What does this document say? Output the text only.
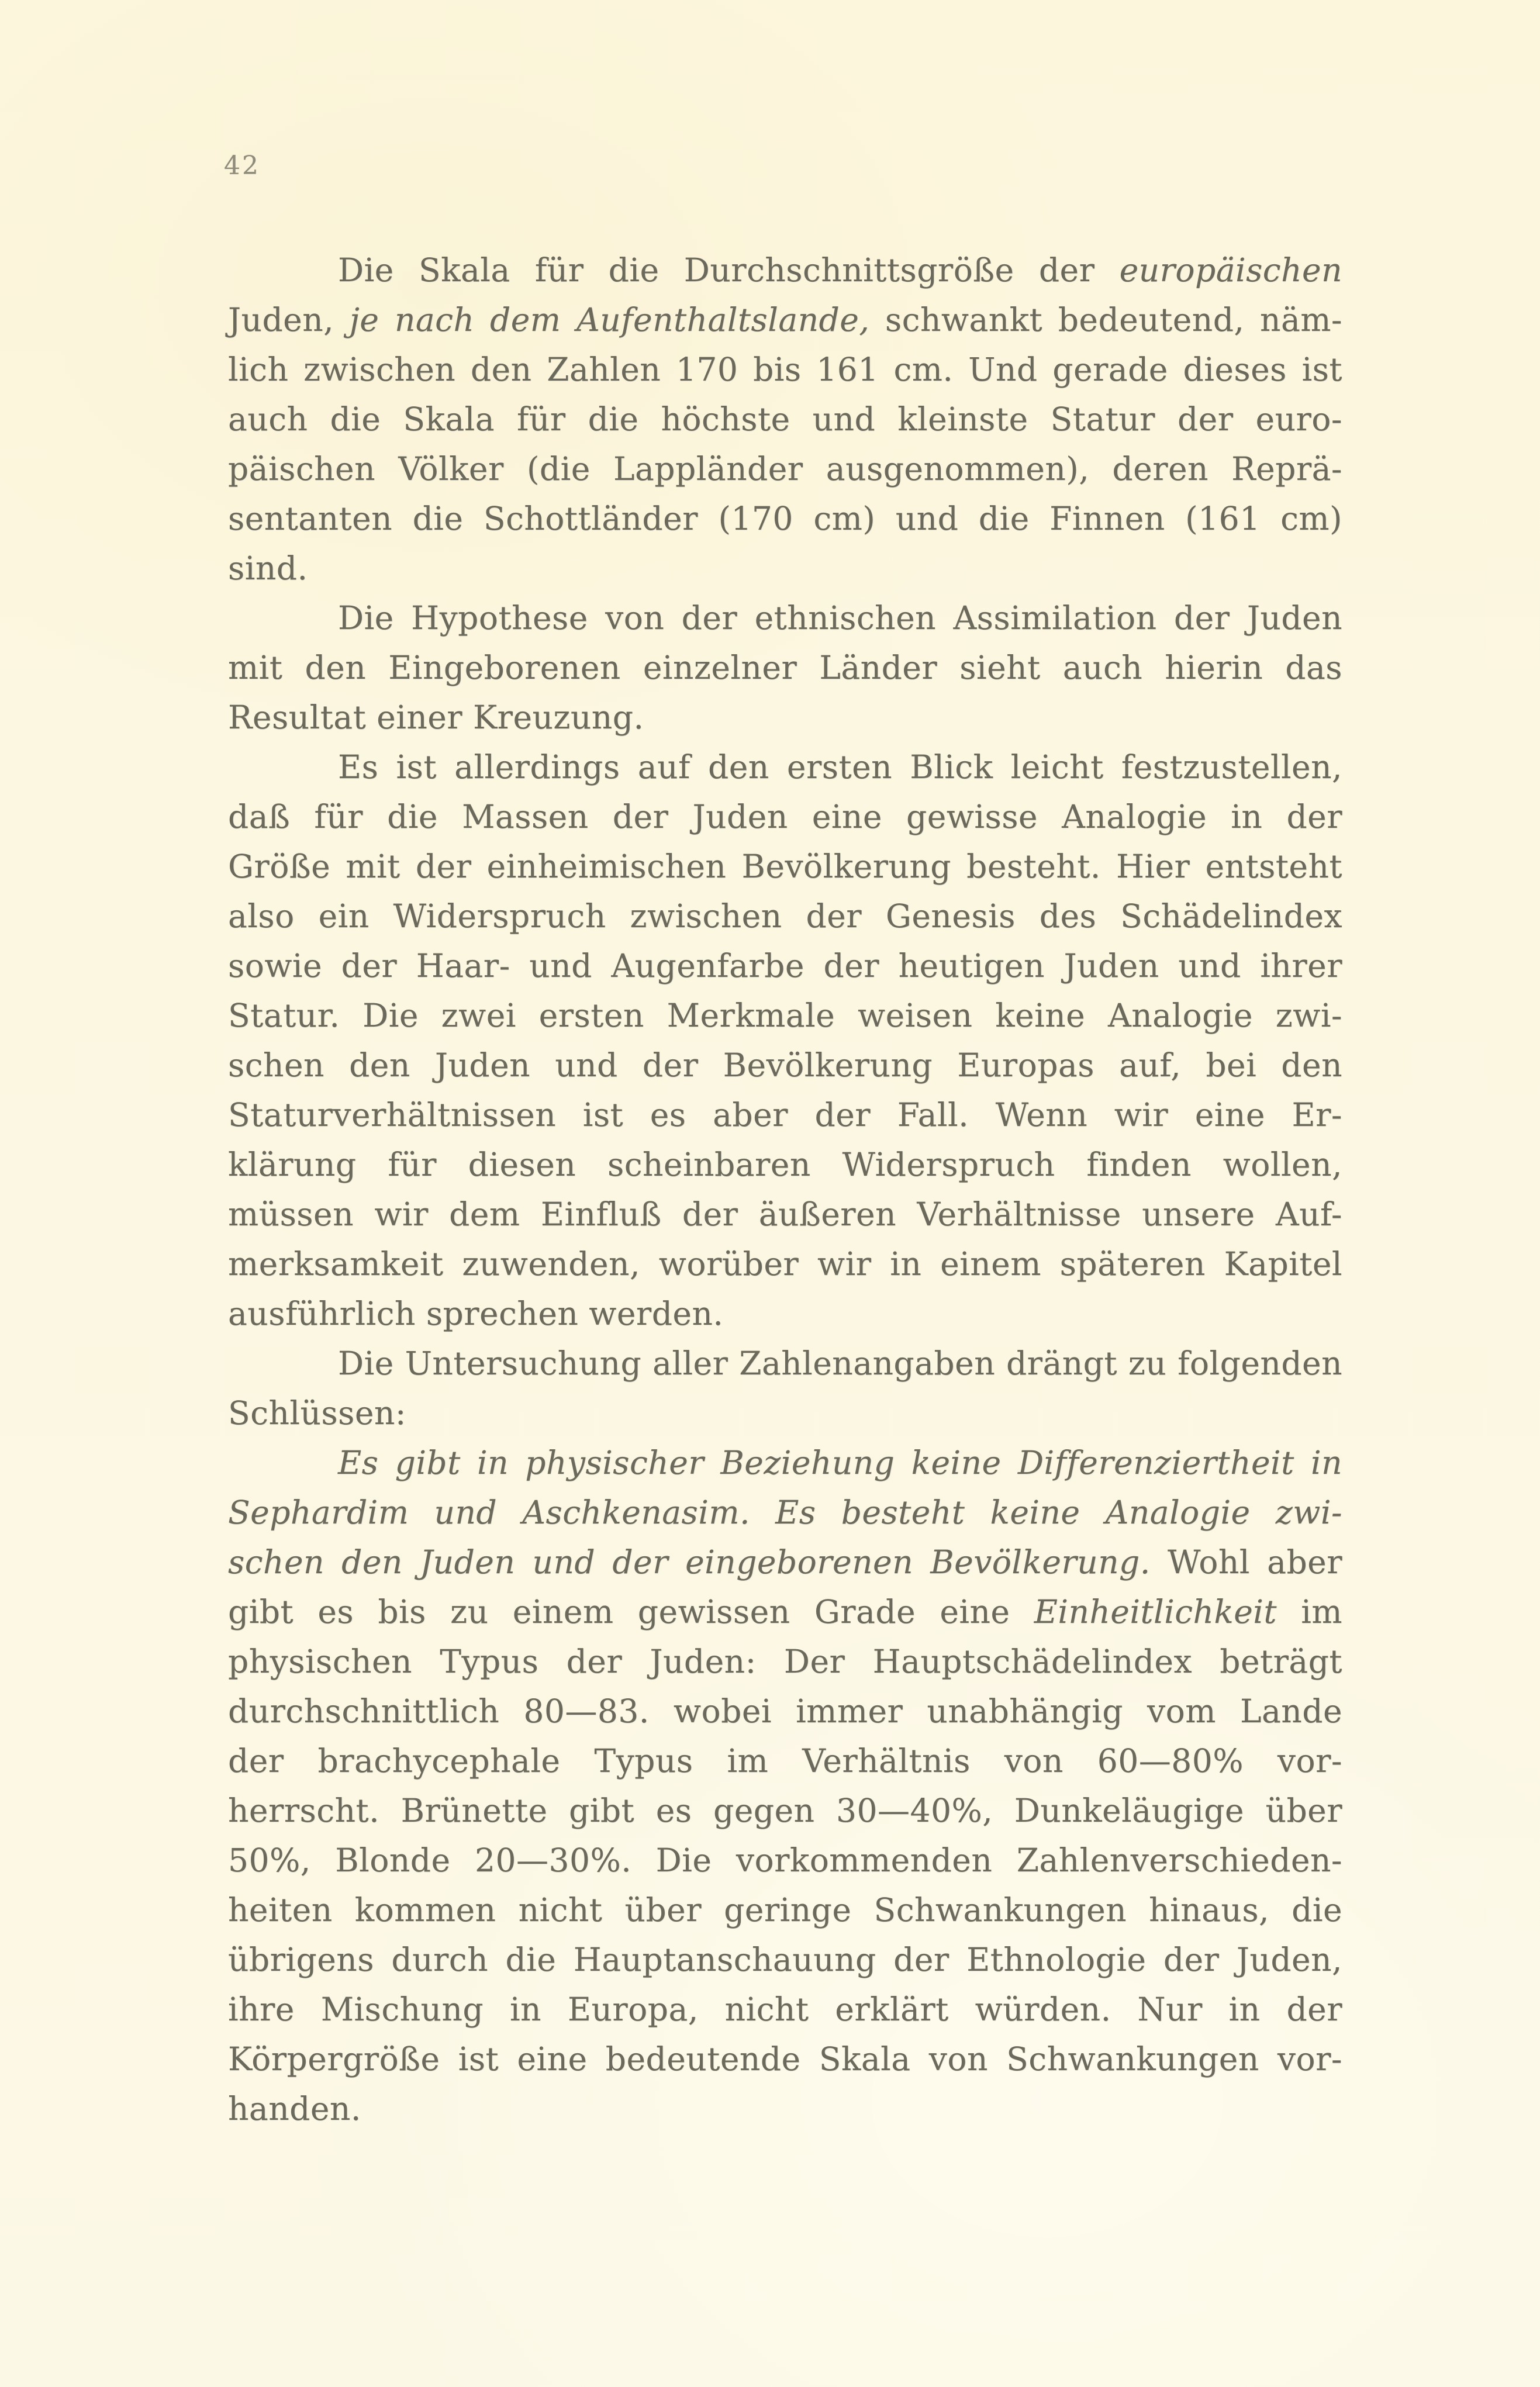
42
Die Skala für die Durchschnittsgröße der europäischen
Juden, je nach dem Aufenthaltslande, schwankt bedeutend, näm-
lich zwischen den Zahlen 170 bis 161 cm. Und gerade dieses ist
auch die Skala für die höchste und kleinste Statur der euro-
päischen Völker (die Lappländer ausgenommen), deren Reprä-
sentanten die Schottländer (170 cm) und die Finnen (161 cm)
sind.
Die Hypothese von der ethnischen Assimilation der Juden
mit den Eingeborenen einzelner Länder sieht auch hierin das
Resultat einer Kreuzung.
Es ist allerdings auf den ersten Blick leicht festzustellen,
daß für die Massen der Juden eine gewisse Analogie in der
Größe mit der einheimischen Bevölkerung besteht. Hier entsteht
also ein Widerspruch zwischen der Genesis des Schädelindex
sowie der Haar- und Augenfarbe der heutigen Juden und ihrer
Statur. Die zwei ersten Merkmale weisen keine Analogie zwi-
schen den Juden und der Bevölkerung Europas auf, bei den
Staturverhältnissen ist es aber der Fall. Wenn wir eine Er-
klärung für diesen scheinbaren Widerspruch finden wollen,
müssen wir dem Einfluß der äußeren Verhältnisse unsere Auf-
merksamkeit zuwenden, worüber wir in einem späteren Kapitel
ausführlich sprechen werden.
Die Untersuchung aller Zahlenangaben drängt zu folgenden
Schlüssen:
Es gibt in physischer Beziehung keine Differenziertheit in
Sephardim und Aschkenasim. Es besteht keine Analogie zwi-
schen den Juden und der eingeborenen Bevölkerung. Wohl aber
gibt es bis zu einem gewissen Grade eine Einheitlichkeit im
physischen Typus der Juden: Der Hauptschädelindex beträgt
durchschnittlich 80—83. wobei immer unabhängig vom Lande
der brachycephale Typus im Verhältnis von 60—80% vor-
herrscht. Brünette gibt es gegen 30—40%, Dunkeläugige über
50%, Blonde 20—30%. Die vorkommenden Zahlenverschieden-
heiten kommen nicht über geringe Schwankungen hinaus, die
übrigens durch die Hauptanschauung der Ethnologie der Juden,
ihre Mischung in Europa, nicht erklärt würden. Nur in der
Körpergröße ist eine bedeutende Skala von Schwankungen vor-
handen.
